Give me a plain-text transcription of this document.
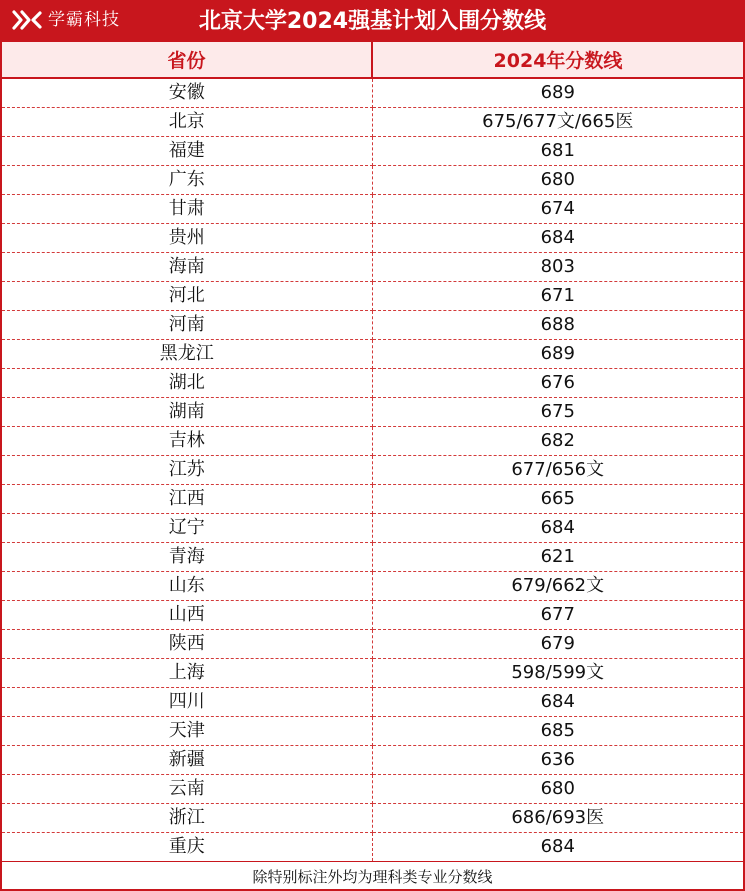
学霸科技	北京大学2024强基计划入围分数线
省份	2024年分数线
安徽	689
北京	675/677文/665医
福建	681
广东	680
甘肃	674
贵州	684
海南	803
河北	671
河南	688
黑龙江	689
湖北	676
湖南	675
吉林	682
江苏	677/656文
江西	665
辽宁	684
青海	621
山东	679/662文
山西	677
陕西	679
上海	598/599文
四川	684
天津	685
新疆	636
云南	680
浙江	686/693医
重庆	684
除特别标注外均为理科类专业分数线
